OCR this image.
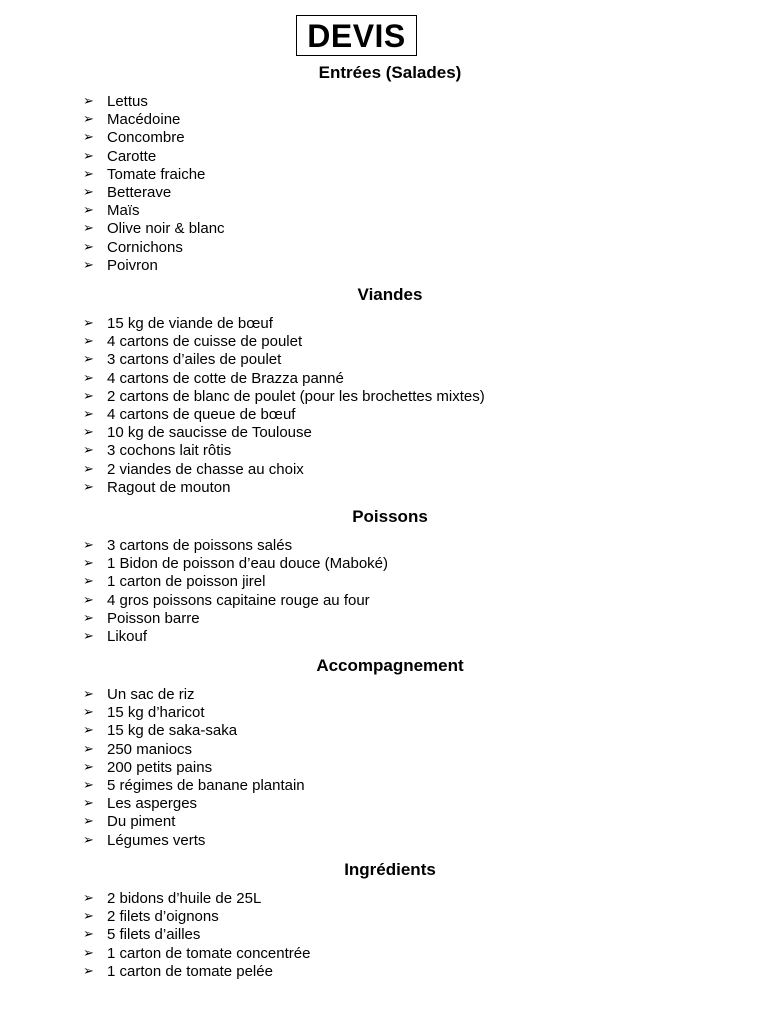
DEVIS
Entrées (Salades)
➢ Lettus
➢ Macédoine
➢ Concombre
➢ Carotte
➢ Tomate fraiche
➢ Betterave
➢ Maïs
➢ Olive noir & blanc
➢ Cornichons
➢ Poivron
Viandes
➢ 15 kg de viande de bœuf
➢ 4 cartons de cuisse de poulet
➢ 3 cartons d’ailes de poulet
➢ 4 cartons de cotte de Brazza panné
➢ 2 cartons de blanc de poulet (pour les brochettes mixtes)
➢ 4 cartons de queue de bœuf
➢ 10 kg de saucisse de Toulouse
➢ 3 cochons lait rôtis
➢ 2 viandes de chasse au choix
➢ Ragout de mouton
Poissons
➢ 3 cartons de poissons salés
➢ 1 Bidon de poisson d’eau douce (Maboké)
➢ 1 carton de poisson jirel
➢ 4 gros poissons capitaine rouge au four
➢ Poisson barre
➢ Likouf
Accompagnement
➢ Un sac de riz
➢ 15 kg d’haricot
➢ 15 kg de saka-saka
➢ 250 maniocs
➢ 200 petits pains
➢ 5 régimes de banane plantain
➢ Les asperges
➢ Du piment
➢ Légumes verts
Ingrédients
➢ 2 bidons d’huile de 25L
➢ 2 filets d’oignons
➢ 5 filets d’ailles
➢ 1 carton de tomate concentrée
➢ 1 carton de tomate pelée
